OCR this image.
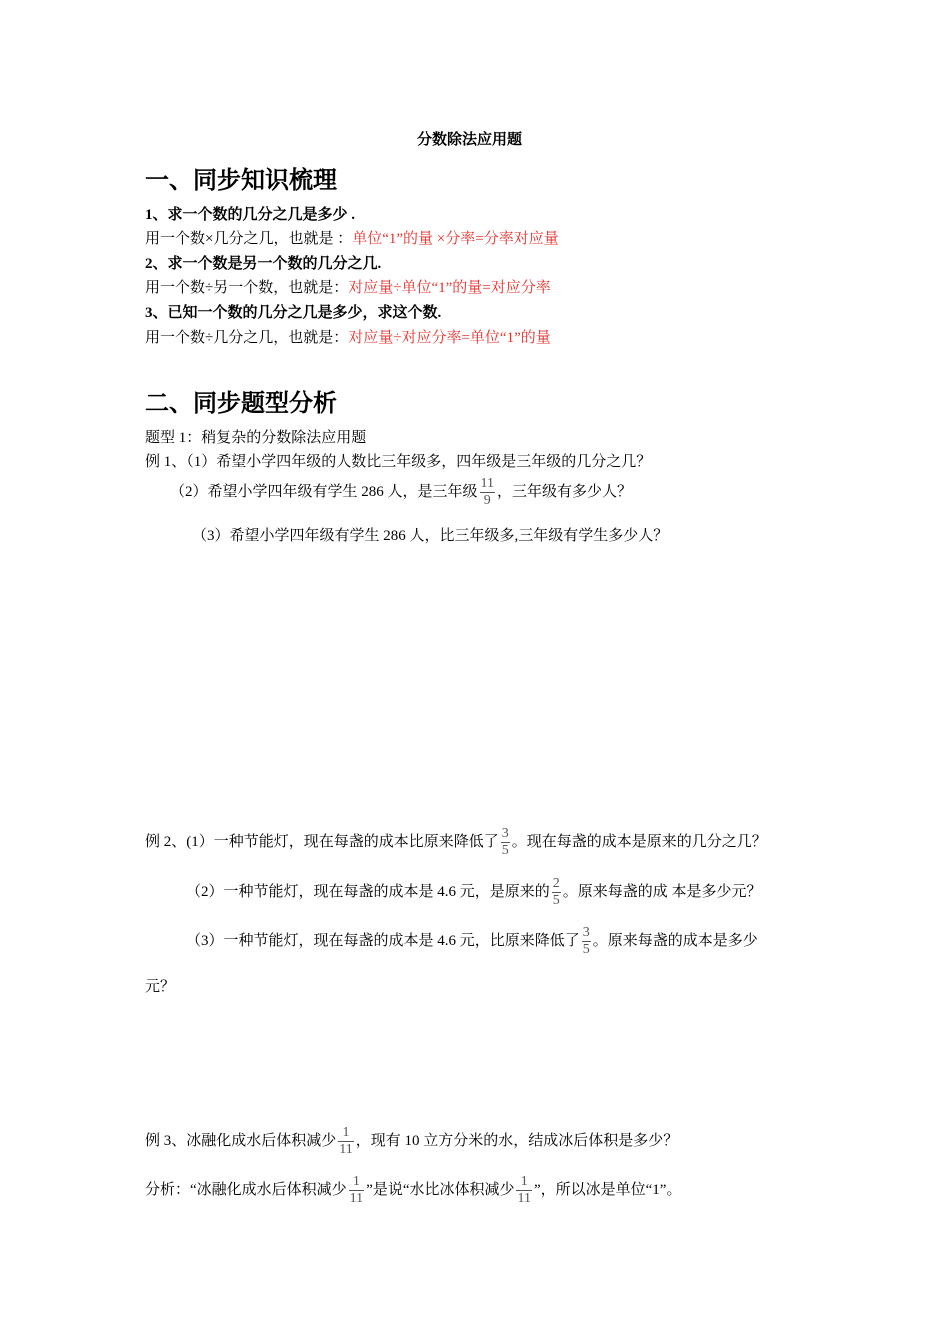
分数除法应用题
一、同步知识梳理
1、求一个数的几分之几是多少 .
用一个数×几分之几，也就是 ：单位“1”的量 ×分率=分率对应量
2、求一个数是另一个数的几分之几.
用一个数÷另一个数，也就是：对应量÷单位“1”的量=对应分率
3、已知一个数的几分之几是多少，求这个数.
用一个数÷几分之几，也就是：对应量÷对应分率=单位“1”的量
二、同步题型分析
题型 1：稍复杂的分数除法应用题
例 1、（1）希望小学四年级的人数比三年级多，四年级是三年级的几分之几？
（2）希望小学四年级有学生 286 人，是三年级 $\frac{11}{9}$ ，三年级有多少人？
（3）希望小学四年级有学生 286 人，比三年级多,三年级有学生多少人？
例 2、(1）一种节能灯，现在每盏的成本比原来降低了 $\frac{3}{5}$ 。现在每盏的成本是原来的几分之几？
（2）一种节能灯，现在每盏的成本是 4.6 元，是原来的 $\frac{2}{5}$ 。原来每盏的成 本是多少元？
（3）一种节能灯，现在每盏的成本是 4.6 元，比原来降低了 $\frac{3}{5}$ 。原来每盏的成本是多少
元？
例 3、冰融化成水后体积减少 $\frac{1}{11}$ ，现有 10 立方分米的水，结成冰后体积是多少？
分析：“冰融化成水后体积减少 $\frac{1}{11}$ ”是说“水比冰体积减少 $\frac{1}{11}$ ”，所以冰是单位“1”。
